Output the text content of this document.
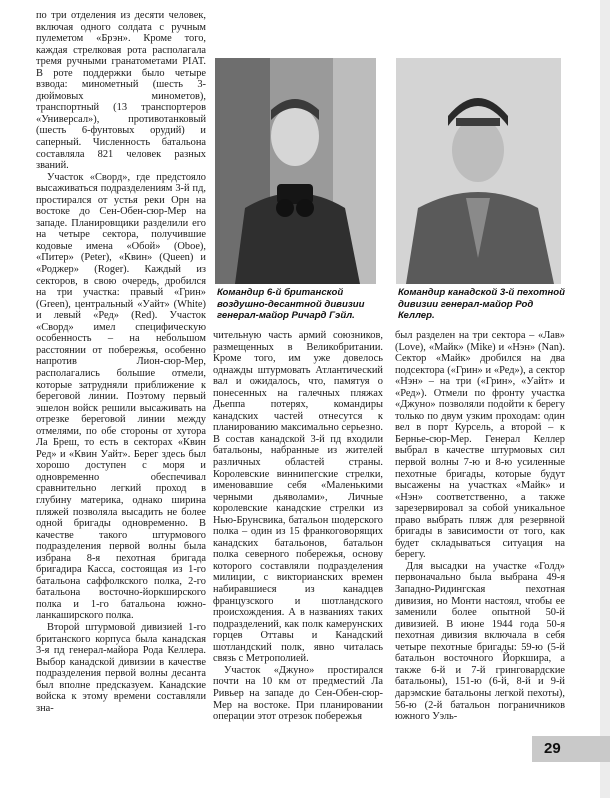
по три отделения из десяти человек, включая одного солдата с ручным пулеметом «Брэн». Кроме того, каждая стрелковая рота располагала тремя ручными гранатометами PIAT. В роте поддержки было четыре взвода: минометный (шесть 3-дюймовых минометов), транспортный (13 транспортеров «Универсал»), противотанковый (шесть 6-фунтовых орудий) и саперный. Численность батальона составляла 821 человек разных званий.

Участок «Сворд», где предстояло высаживаться подразделениям 3-й пд, простирался от устья реки Орн на востоке до Сен-Обен-сюр-Мер на западе. Планировщики разделили его на четыре сектора, получившие кодовые имена «Обой» (Oboe), «Питер» (Peter), «Квин» (Queen) и «Роджер» (Roger). Каждый из секторов, в свою очередь, дробился на три участка: правый «Грин» (Green), центральный «Уайт» (White) и левый «Ред» (Red). Участок «Сворд» имел специфическую особенность – на небольшом расстоянии от побережья, особенно напротив Лион-сюр-Мер, располагались большие отмели, которые затрудняли приближение к береговой линии. Поэтому первый эшелон войск решили высаживать на отрезке береговой линии между отмелями, по обе стороны от хутора Ла Бреш, то есть в секторах «Квин Ред» и «Квин Уайт». Берег здесь был хорошо доступен с моря и одновременно обеспечивал сравнительно легкий проход в глубину материка, однако ширина пляжей позволяла высадить не более одной бригады одновременно. В качестве такого штурмового подразделения первой волны была избрана 8-я пехотная бригада бригадира Касса, состоящая из 1-го батальона саффолкского полка, 2-го батальона восточно-йоркширского полка и 1-го батальона южно-ланкаширского полка.

Второй штурмовой дивизией 1-го британского корпуса была канадская 3-я пд генерал-майора Рода Келлера. Выбор канадской дивизии в качестве подразделения первой волны десанта был вполне предсказуем. Канадские войска к этому времени составляли зна-

Командир 6-й британской воздушно-десантной дивизии генерал-майор Ричард Гэйл.
Командир канадской 3-й пехотной дивизии генерал-майор Род Келлер.

чительную часть армий союзников, размещенных в Великобритании. Кроме того, им уже довелось однажды штурмовать Атлантический вал и ожидалось, что, памятуя о понесенных на галечных пляжах Дьеппа потерях, командиры канадских частей отнесутся к планированию максимально серьезно. В состав канадской 3-й пд входили батальоны, набранные из жителей различных областей страны. Королевские виннипегские стрелки, именовавшие себя «Маленькими черными дьяволами», Личные королевские канадские стрелки из Нью-Брунсвика, батальон шодерского полка – один из 15 франкоговорящих канадских батальонов, батальон полка северного побережья, основу которого составляли подразделения милиции, с викторианских времен набиравшиеся из канадцев французского и шотландского происхождения. А в названиях таких подразделений, как полк камерунских горцев Оттавы и Канадский шотландский полк, явно читалась связь с Метрополией.

Участок «Джуно» простирался почти на 10 км от предместий Ла Ривьер на западе до Сен-Обен-сюр-Мер на востоке. При планировании операции этот отрезок побережья

был разделен на три сектора – «Лав» (Love), «Майк» (Mike) и «Нэн» (Nan). Сектор «Майк» дробился на два подсектора («Грин» и «Ред»), а сектор «Нэн» – на три («Грин», «Уайт» и «Ред»). Отмели по фронту участка «Джуно» позволяли подойти к берегу только по двум узким проходам: один вел в порт Курсель, а второй – к Бернье-сюр-Мер. Генерал Келлер выбрал в качестве штурмовых сил первой волны 7-ю и 8-ю усиленные пехотные бригады, которые будут высажены на участках «Майк» и «Нэн» соответственно, а также зарезервировал за собой уникальное право выбрать пляж для резервной бригады в зависимости от того, как будет складываться ситуация на берегу.

Для высадки на участке «Голд» первоначально была выбрана 49-я Западно-Ридингская пехотная дивизия, но Монти настоял, чтобы ее заменили более опытной 50-й дивизией. В июне 1944 года 50-я пехотная дивизия включала в себя четыре пехотные бригады: 59-ю (5-й батальон восточного Йоркшира, а также 6-й и 7-й гринговардские батальоны), 151-ю (6-й, 8-й и 9-й дарэмские батальоны легкой пехоты), 56-ю (2-й батальон пограничников южного Уэль-

29
